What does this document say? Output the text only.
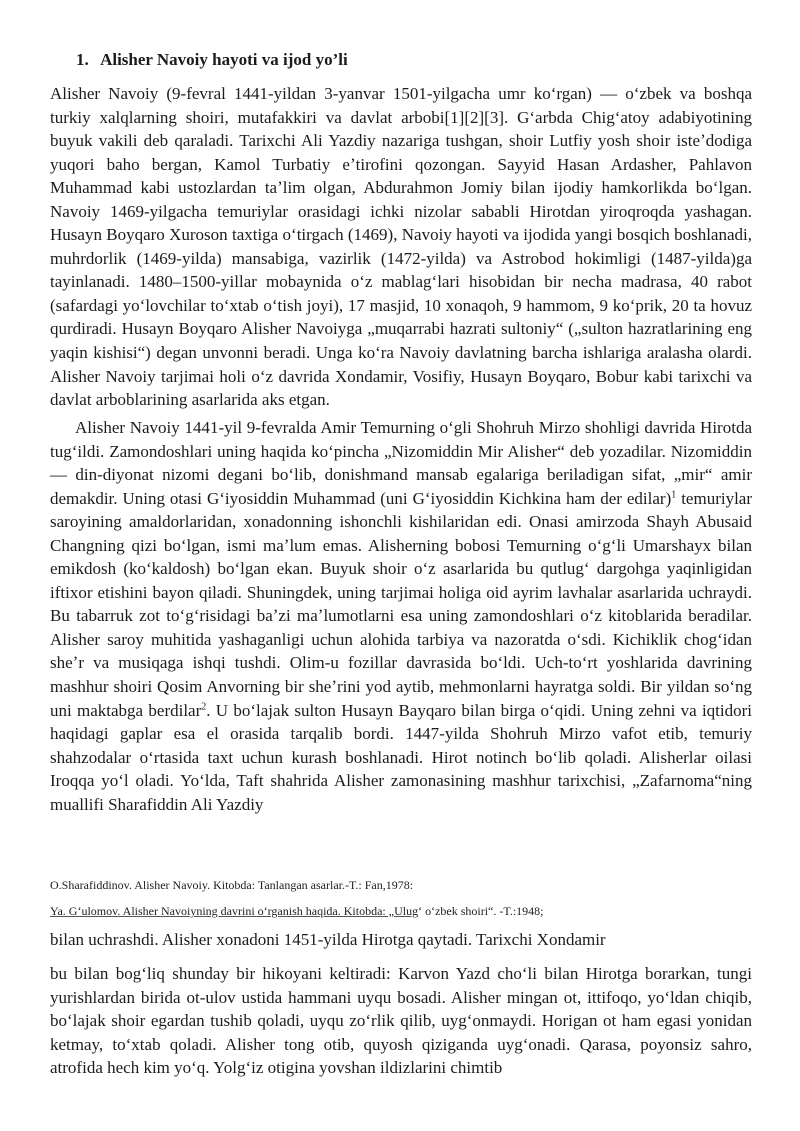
1. Alisher Navoiy hayoti va ijod yo’li

Alisher Navoiy (9-fevral 1441-yildan 3-yanvar 1501-yilgacha umr koʻrgan) — oʻzbek va boshqa turkiy xalqlarning shoiri, mutafakkiri va davlat arbobi[1][2][3]. Gʻarbda Chigʻatoy adabiyotining buyuk vakili deb qaraladi. Tarixchi Ali Yazdiy nazariga tushgan, shoir Lutfiy yosh shoir isteʼdodiga yuqori baho bergan, Kamol Turbatiy eʼtirofini qozongan. Sayyid Hasan Ardasher, Pahlavon Muhammad kabi ustozlardan taʼlim olgan, Abdurahmon Jomiy bilan ijodiy hamkorlikda boʻlgan. Navoiy 1469-yilgacha temuriylar orasidagi ichki nizolar sababli Hirotdan yiroqroqda yashagan. Husayn Boyqaro Xuroson taxtiga oʻtirgach (1469), Navoiy hayoti va ijodida yangi bosqich boshlanadi, muhrdorlik (1469-yilda) mansabiga, vazirlik (1472-yilda) va Astrobod hokimligi (1487-yilda)ga tayinlanadi. 1480–1500-yillar mobaynida oʻz mablagʻlari hisobidan bir necha madrasa, 40 rabot (safardagi yoʻlovchilar toʻxtab oʻtish joyi), 17 masjid, 10 xonaqoh, 9 hammom, 9 koʻprik, 20 ta hovuz qurdiradi. Husayn Boyqaro Alisher Navoiyga „muqarrabi hazrati sultoniy“ („sulton hazratlarining eng yaqin kishisi“) degan unvonni beradi. Unga koʻra Navoiy davlatning barcha ishlariga aralasha olardi. Alisher Navoiy tarjimai holi oʻz davrida Xondamir, Vosifiy, Husayn Boyqaro, Bobur kabi tarixchi va davlat arboblarining asarlarida aks etgan.

Alisher Navoiy 1441-yil 9-fevralda Amir Temurning oʻgli Shohruh Mirzo shohligi davrida Hirotda tugʻildi. Zamondoshlari uning haqida koʻpincha „Nizomiddin Mir Alisher“ deb yozadilar. Nizomiddin — din-diyonat nizomi degani boʻlib, donishmand mansab egalariga beriladigan sifat, „mir“ amir demakdir. Uning otasi Gʻiyosiddin Muhammad (uni Gʻiyosiddin Kichkina ham der edilar)$^1$ temuriylar saroyining amaldorlaridan, xonadonning ishonchli kishilaridan edi. Onasi amirzoda Shayh Abusaid Changning qizi boʻlgan, ismi maʼlum emas. Alisherning bobosi Temurning oʻgʻli Umarshayx bilan emikdosh (koʻkaldosh) boʻlgan ekan. Buyuk shoir oʻz asarlarida bu qutlugʻ dargohga yaqinligidan iftixor etishini bayon qiladi. Shuningdek, uning tarjimai holiga oid ayrim lavhalar asarlarida uchraydi. Bu tabarruk zot toʻgʻrisidagi baʼzi maʼlumotlarni esa uning zamondoshlari oʻz kitoblarida beradilar. Alisher saroy muhitida yashaganligi uchun alohida tarbiya va nazoratda oʻsdi. Kichiklik chogʻidan sheʼr va musiqaga ishqi tushdi. Olim-u fozillar davrasida boʻldi. Uch-toʻrt yoshlarida davrining mashhur shoiri Qosim Anvorning bir sheʼrini yod aytib, mehmonlarni hayratga soldi. Bir yildan soʻng uni maktabga berdilar$^2$. U boʻlajak sulton Husayn Bayqaro bilan birga oʻqidi. Uning zehni va iqtidori haqidagi gaplar esa el orasida tarqalib bordi. 1447-yilda Shohruh Mirzo vafot etib, temuriy shahzodalar oʻrtasida taxt uchun kurash boshlanadi. Hirot notinch boʻlib qoladi. Alisherlar oilasi Iroqqa yoʻl oladi. Yoʻlda, Taft shahrida Alisher zamonasining mashhur tarixchisi, „Zafarnoma“ning muallifi Sharafiddin Ali Yazdiy

O.Sharafiddinov. Alisher Navoiy. Kitobda: Tanlangan asarlar.-T.: Fan,1978:

Ya. Gʻulomov. Alisher Navoiyning davrini oʻrganish haqida. Kitobda: „Ulugʻ oʻzbek shoiri“. -T.:1948;

bilan uchrashdi. Alisher xonadoni 1451-yilda Hirotga qaytadi. Tarixchi Xondamir

bu bilan bogʻliq shunday bir hikoyani keltiradi: Karvon Yazd choʻli bilan Hirotga borarkan, tungi yurishlardan birida ot-ulov ustida hammani uyqu bosadi. Alisher mingan ot, ittifoqo, yoʻldan chiqib, boʻlajak shoir egardan tushib qoladi, uyqu zoʻrlik qilib, uygʻonmaydi. Horigan ot ham egasi yonidan ketmay, toʻxtab qoladi. Alisher tong otib, quyosh qiziganda uygʻonadi. Qarasa, poyonsiz sahro, atrofida hech kim yoʻq. Yolgʻiz otigina yovshan ildizlarini chimtib
